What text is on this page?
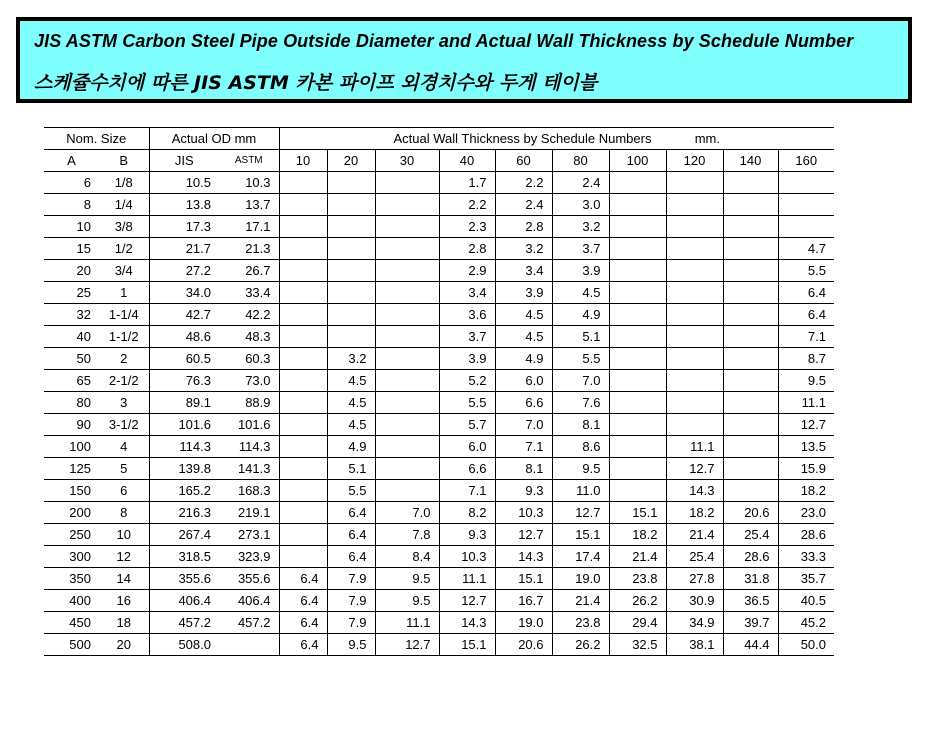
JIS ASTM Carbon Steel Pipe Outside Diameter and Actual Wall Thickness by Schedule Number
스케쥴수치에 따른 JIS ASTM 카본 파이프 외경치수와 두게 테이블
Nom. Size		Actual OD mm		Actual Wall Thickness by Schedule Numbers mm.									
A	B	JIS	ASTM	10	20	30	40	60	80	100	120	140	160
6	1/8	10.5	10.3				1.7	2.2	2.4				
8	1/4	13.8	13.7				2.2	2.4	3.0				
10	3/8	17.3	17.1				2.3	2.8	3.2				
15	1/2	21.7	21.3				2.8	3.2	3.7				4.7
20	3/4	27.2	26.7				2.9	3.4	3.9				5.5
25	1	34.0	33.4				3.4	3.9	4.5				6.4
32	1-1/4	42.7	42.2				3.6	4.5	4.9				6.4
40	1-1/2	48.6	48.3				3.7	4.5	5.1				7.1
50	2	60.5	60.3		3.2		3.9	4.9	5.5				8.7
65	2-1/2	76.3	73.0		4.5		5.2	6.0	7.0				9.5
80	3	89.1	88.9		4.5		5.5	6.6	7.6				11.1
90	3-1/2	101.6	101.6		4.5		5.7	7.0	8.1				12.7
100	4	114.3	114.3		4.9		6.0	7.1	8.6		11.1		13.5
125	5	139.8	141.3		5.1		6.6	8.1	9.5		12.7		15.9
150	6	165.2	168.3		5.5		7.1	9.3	11.0		14.3		18.2
200	8	216.3	219.1		6.4	7.0	8.2	10.3	12.7	15.1	18.2	20.6	23.0
250	10	267.4	273.1		6.4	7.8	9.3	12.7	15.1	18.2	21.4	25.4	28.6
300	12	318.5	323.9		6.4	8.4	10.3	14.3	17.4	21.4	25.4	28.6	33.3
350	14	355.6	355.6	6.4	7.9	9.5	11.1	15.1	19.0	23.8	27.8	31.8	35.7
400	16	406.4	406.4	6.4	7.9	9.5	12.7	16.7	21.4	26.2	30.9	36.5	40.5
450	18	457.2	457.2	6.4	7.9	11.1	14.3	19.0	23.8	29.4	34.9	39.7	45.2
500	20	508.0		6.4	9.5	12.7	15.1	20.6	26.2	32.5	38.1	44.4	50.0
